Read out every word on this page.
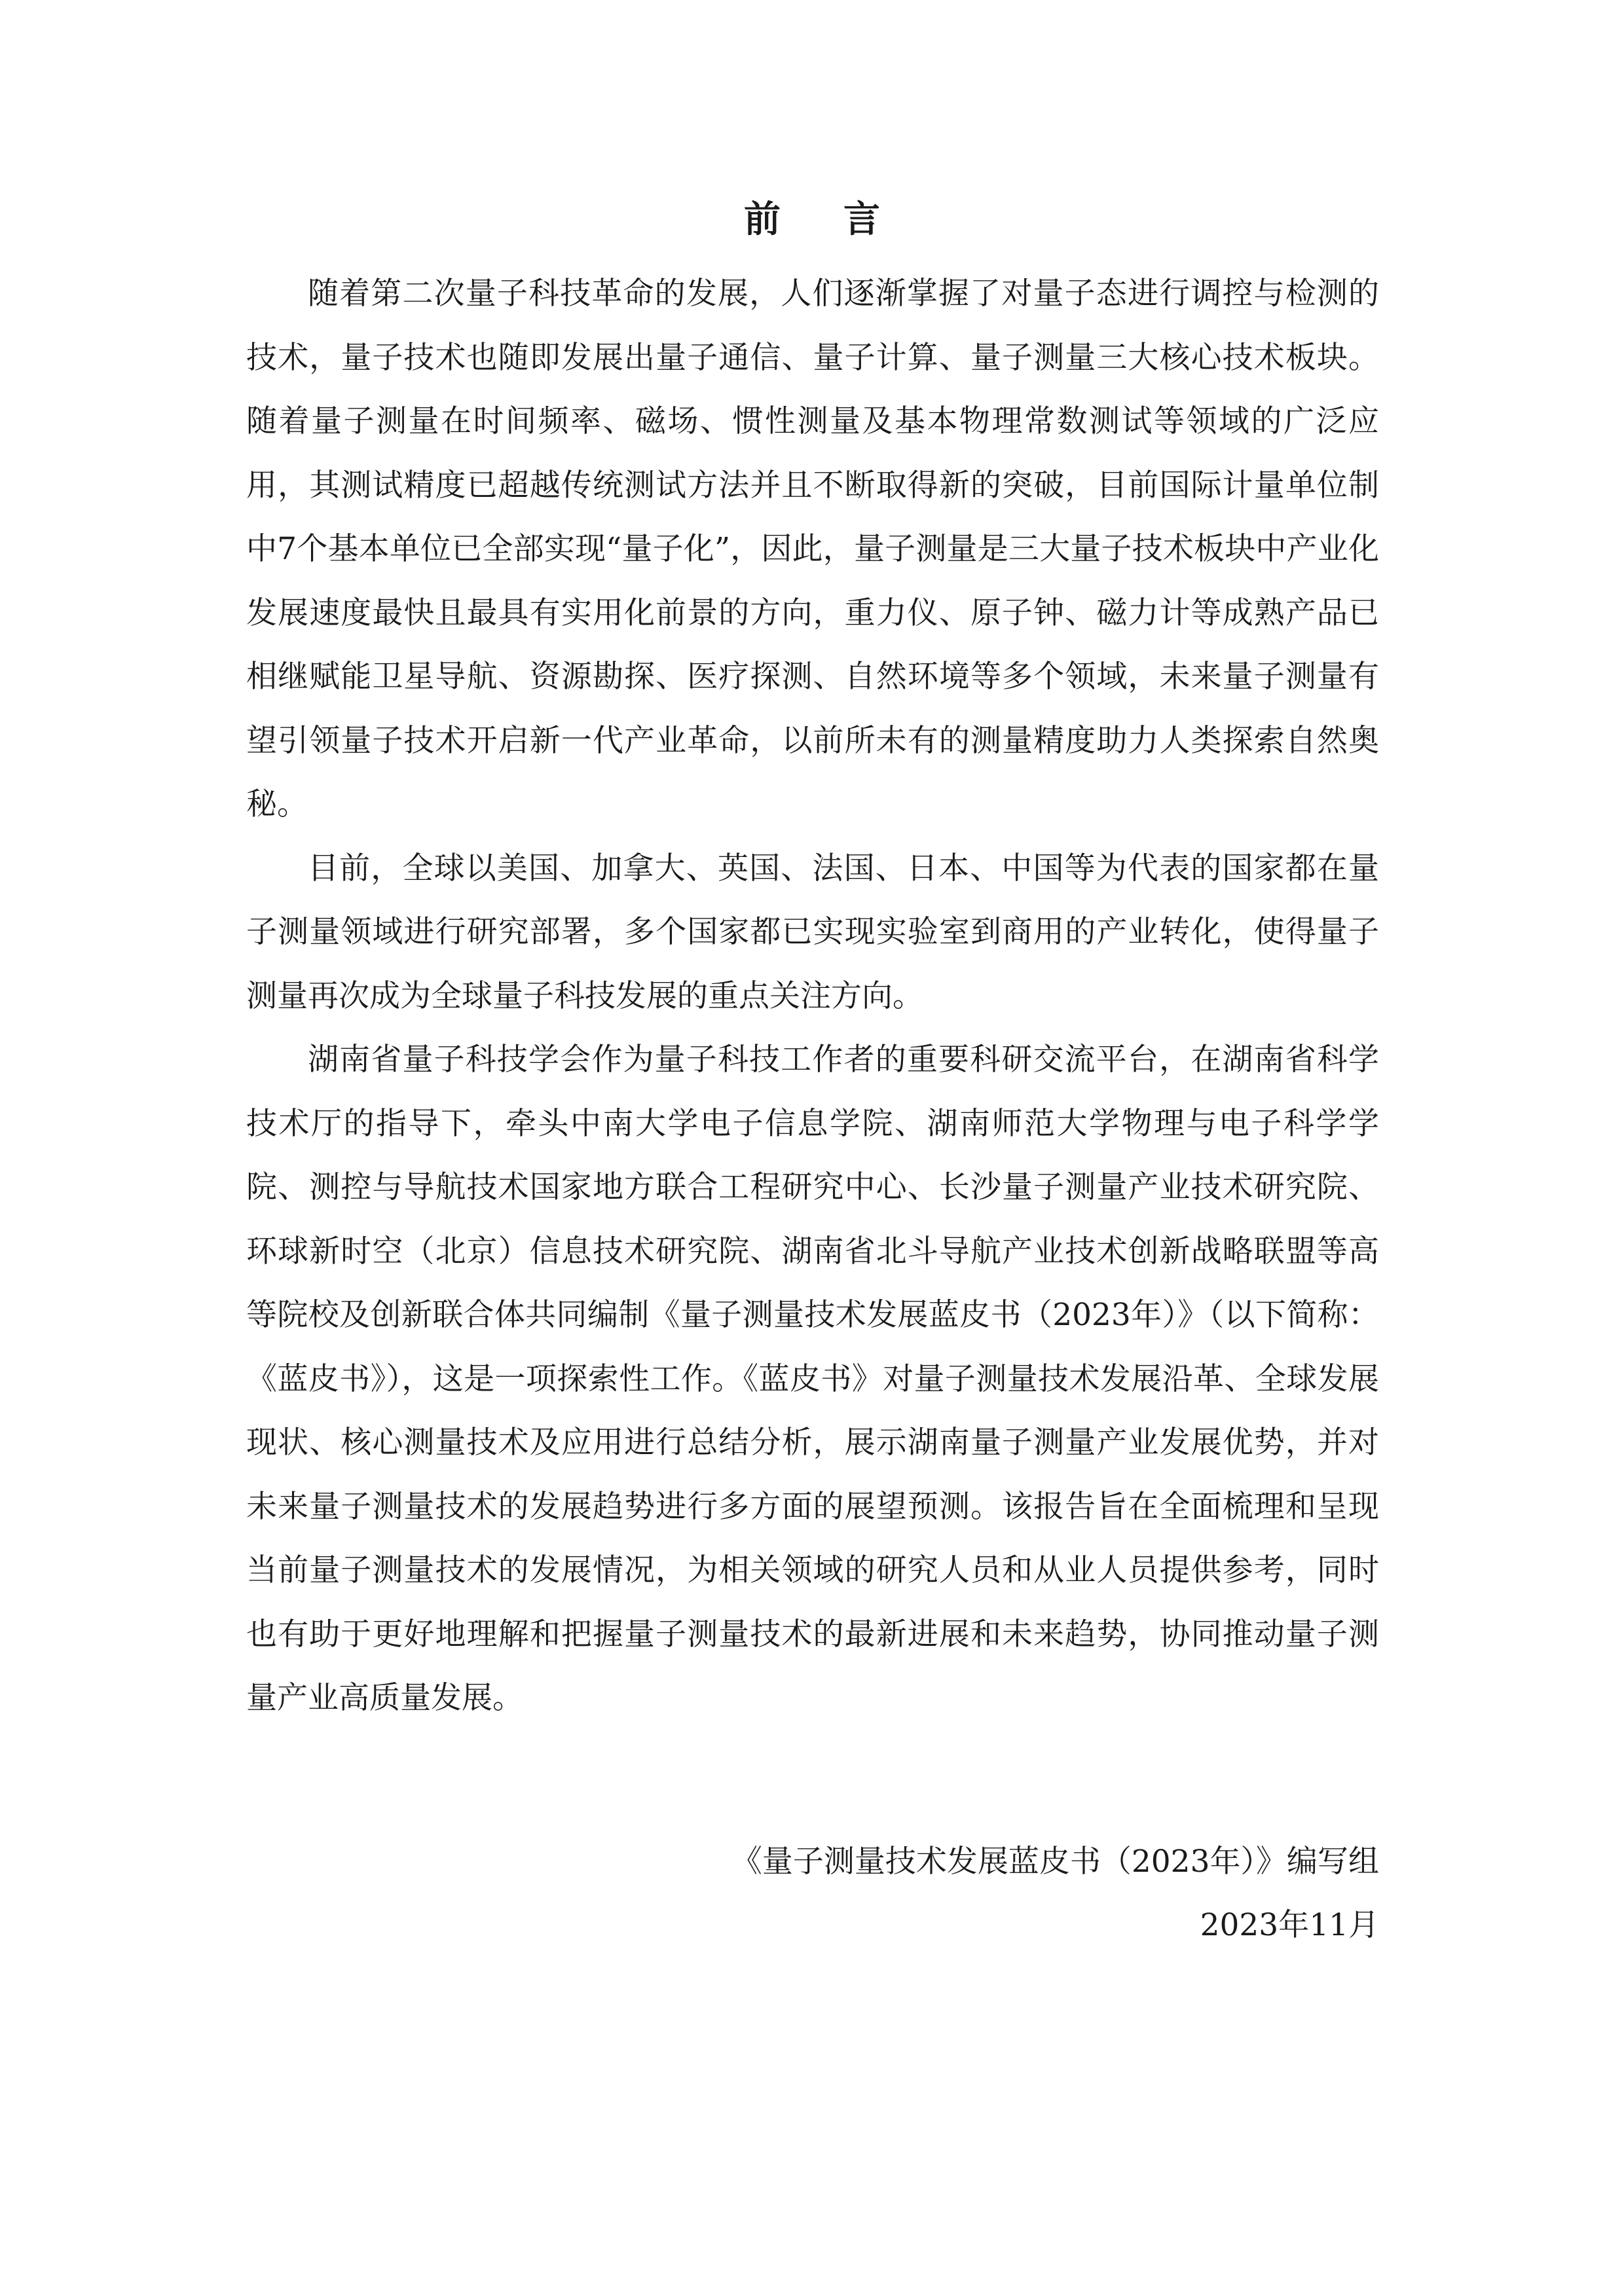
前言

随着第二次量子科技革命的发展，人们逐渐掌握了对量子态进行调控与检测的技术，量子技术也随即发展出量子通信、量子计算、量子测量三大核心技术板块。随着量子测量在时间频率、磁场、惯性测量及基本物理常数测试等领域的广泛应用，其测试精度已超越传统测试方法并且不断取得新的突破，目前国际计量单位制中7个基本单位已全部实现“量子化”，因此，量子测量是三大量子技术板块中产业化发展速度最快且最具有实用化前景的方向，重力仪、原子钟、磁力计等成熟产品已相继赋能卫星导航、资源勘探、医疗探测、自然环境等多个领域，未来量子测量有望引领量子技术开启新一代产业革命，以前所未有的测量精度助力人类探索自然奥秘。

目前，全球以美国、加拿大、英国、法国、日本、中国等为代表的国家都在量子测量领域进行研究部署，多个国家都已实现实验室到商用的产业转化，使得量子测量再次成为全球量子科技发展的重点关注方向。

湖南省量子科技学会作为量子科技工作者的重要科研交流平台，在湖南省科学技术厅的指导下，牵头中南大学电子信息学院、湖南师范大学物理与电子科学学院、测控与导航技术国家地方联合工程研究中心、长沙量子测量产业技术研究院、环球新时空（北京）信息技术研究院、湖南省北斗导航产业技术创新战略联盟等高等院校及创新联合体共同编制《量子测量技术发展蓝皮书（2023年）》（以下简称：《蓝皮书》），这是一项探索性工作。《蓝皮书》对量子测量技术发展沿革、全球发展现状、核心测量技术及应用进行总结分析，展示湖南量子测量产业发展优势，并对未来量子测量技术的发展趋势进行多方面的展望预测。该报告旨在全面梳理和呈现当前量子测量技术的发展情况，为相关领域的研究人员和从业人员提供参考，同时也有助于更好地理解和把握量子测量技术的最新进展和未来趋势，协同推动量子测量产业高质量发展。

《量子测量技术发展蓝皮书（2023年）》编写组
2023年11月
